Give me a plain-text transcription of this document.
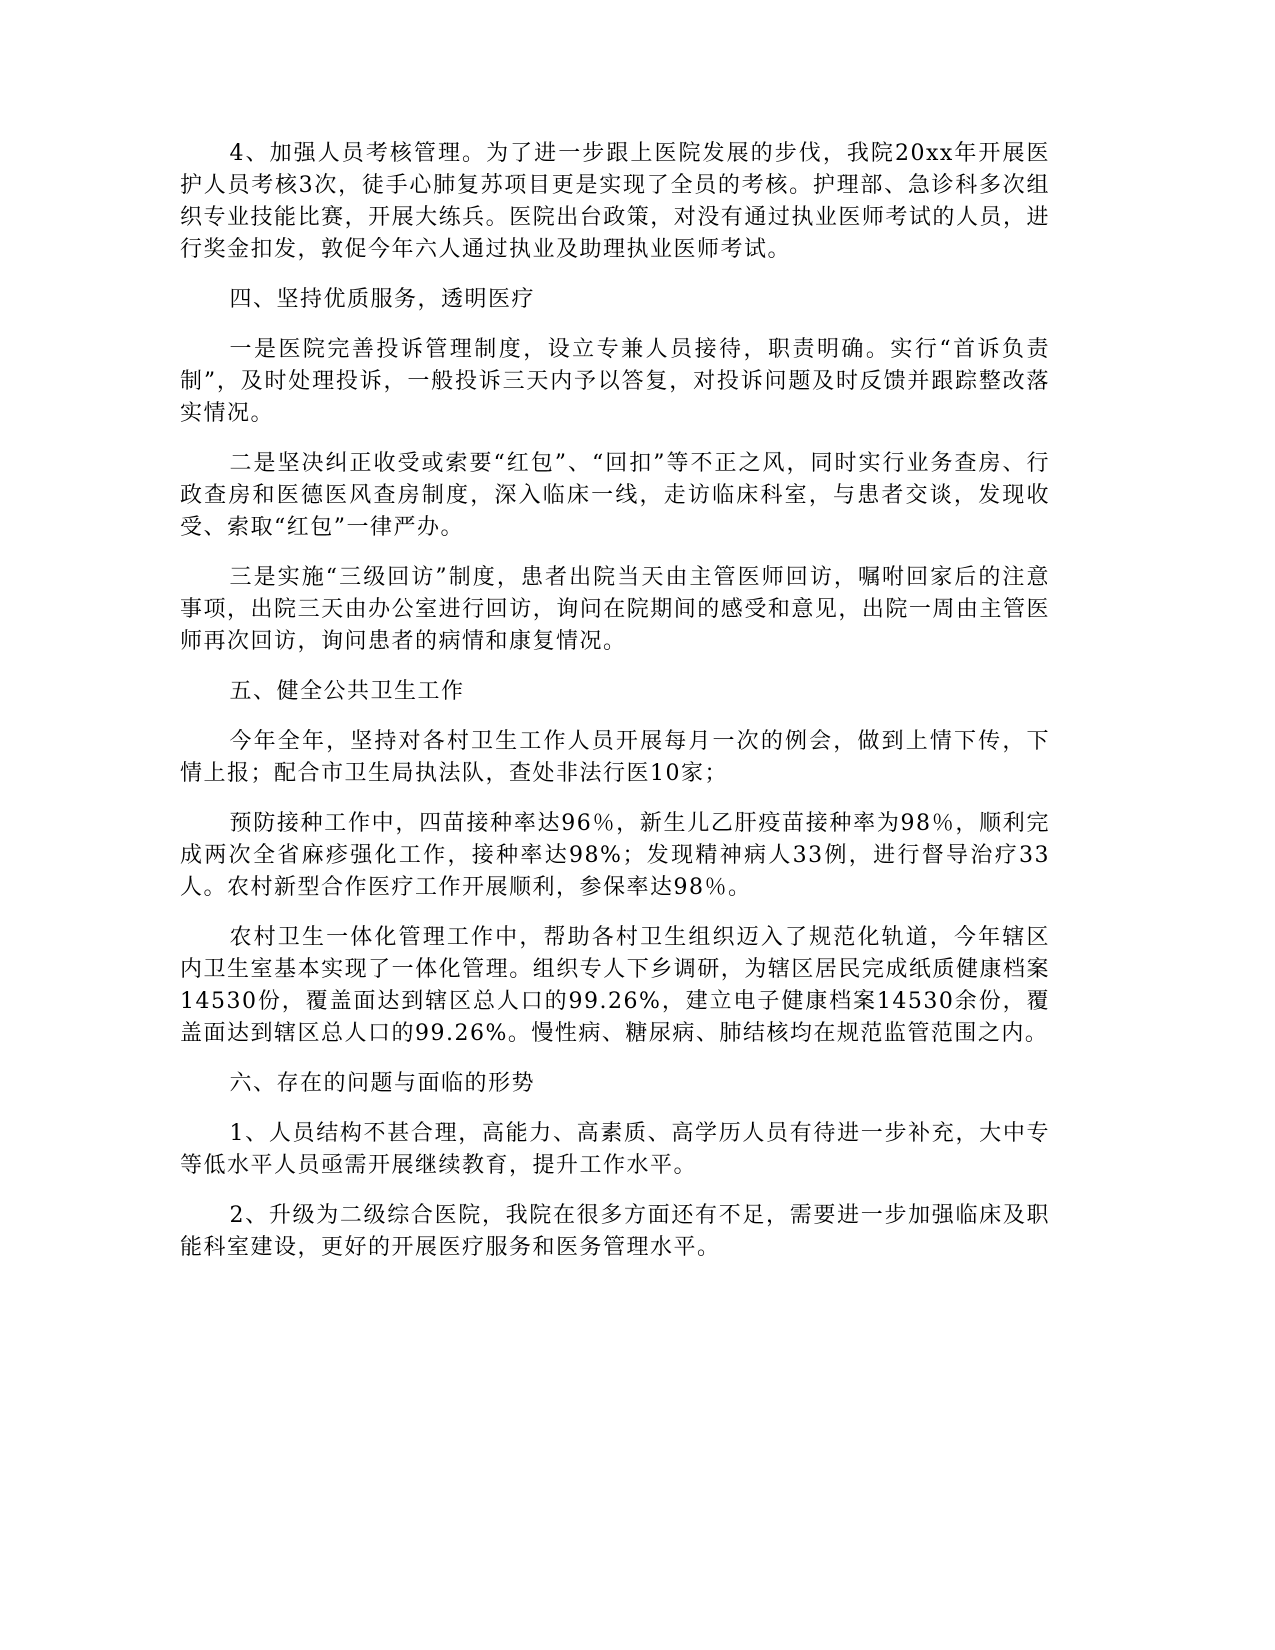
4、加强人员考核管理。为了进一步跟上医院发展的步伐，我院20xx年开展医护人员考核3次，徒手心肺复苏项目更是实现了全员的考核。护理部、急诊科多次组织专业技能比赛，开展大练兵。医院出台政策，对没有通过执业医师考试的人员，进行奖金扣发，敦促今年六人通过执业及助理执业医师考试。

四、坚持优质服务，透明医疗

一是医院完善投诉管理制度，设立专兼人员接待，职责明确。实行“首诉负责制”，及时处理投诉，一般投诉三天内予以答复，对投诉问题及时反馈并跟踪整改落实情况。

二是坚决纠正收受或索要“红包”、“回扣”等不正之风，同时实行业务查房、行政查房和医德医风查房制度，深入临床一线，走访临床科室，与患者交谈，发现收受、索取“红包”一律严办。

三是实施“三级回访”制度，患者出院当天由主管医师回访，嘱咐回家后的注意事项，出院三天由办公室进行回访，询问在院期间的感受和意见，出院一周由主管医师再次回访，询问患者的病情和康复情况。

五、健全公共卫生工作

今年全年，坚持对各村卫生工作人员开展每月一次的例会，做到上情下传，下情上报；配合市卫生局执法队，查处非法行医10家；

预防接种工作中，四苗接种率达96％，新生儿乙肝疫苗接种率为98％，顺利完成两次全省麻疹强化工作，接种率达98%；发现精神病人33例，进行督导治疗33人。农村新型合作医疗工作开展顺利，参保率达98％。

农村卫生一体化管理工作中，帮助各村卫生组织迈入了规范化轨道，今年辖区内卫生室基本实现了一体化管理。组织专人下乡调研，为辖区居民完成纸质健康档案14530份，覆盖面达到辖区总人口的99.26%，建立电子健康档案14530余份，覆盖面达到辖区总人口的99.26%。慢性病、糖尿病、肺结核均在规范监管范围之内。

六、存在的问题与面临的形势

1、人员结构不甚合理，高能力、高素质、高学历人员有待进一步补充，大中专等低水平人员亟需开展继续教育，提升工作水平。

2、升级为二级综合医院，我院在很多方面还有不足，需要进一步加强临床及职能科室建设，更好的开展医疗服务和医务管理水平。
